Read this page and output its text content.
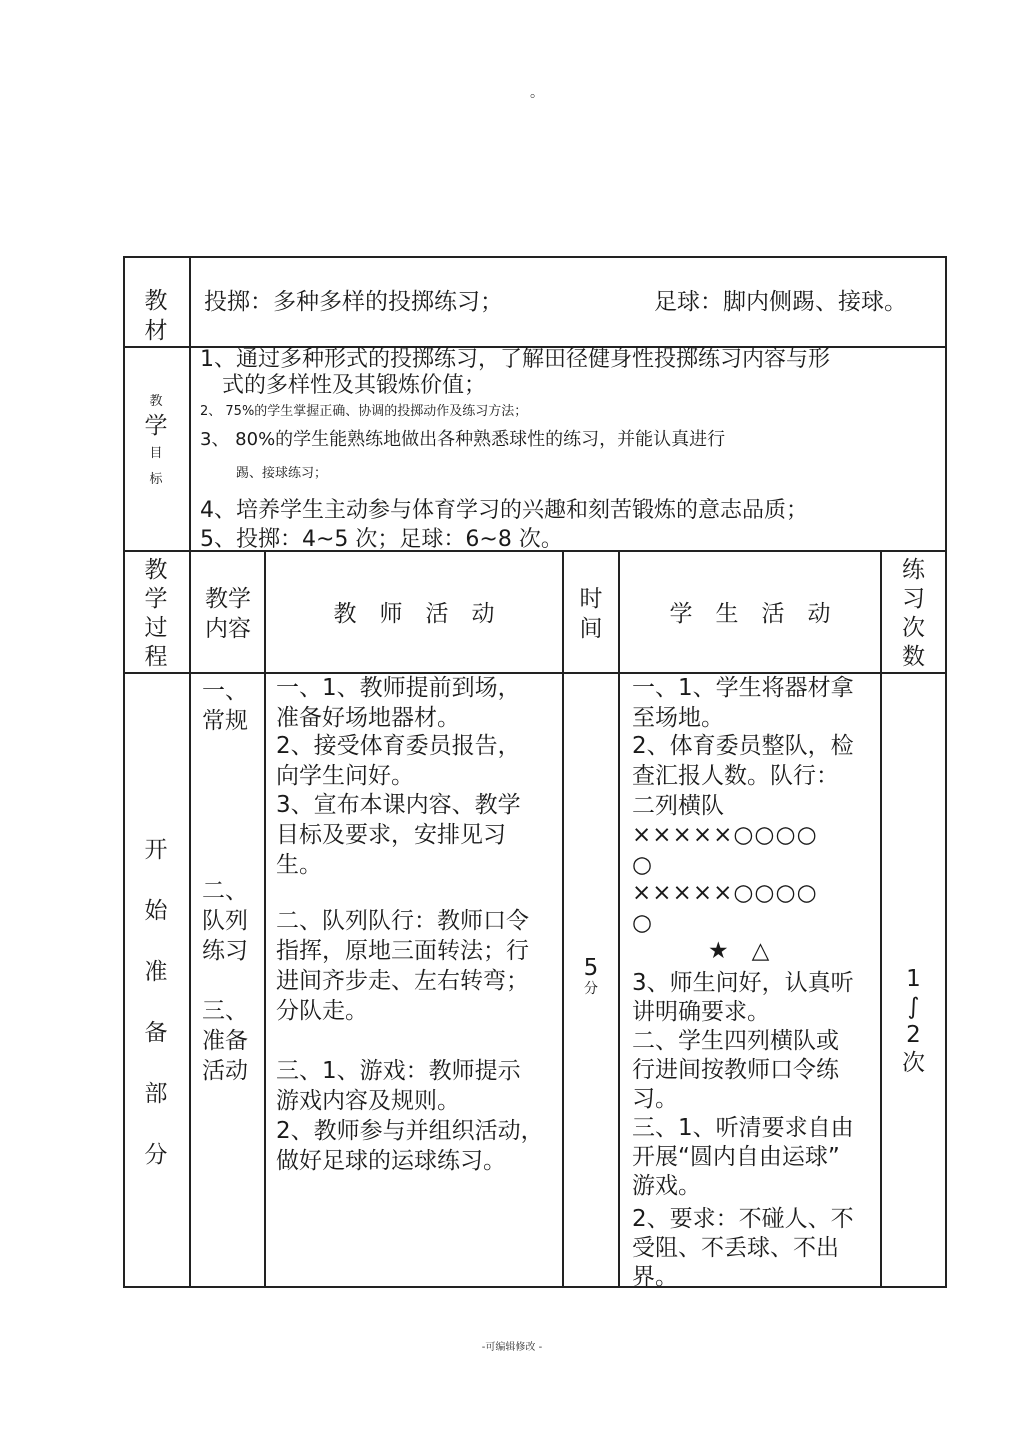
。
教
材
投掷：多种多样的投掷练习；	足球：脚内侧踢、接球。
教
学
目
标
1、通过多种形式的投掷练习，了解田径健身性投掷练习内容与形
式的多样性及其锻炼价值；
2、 75%的学生掌握正确、协调的投掷动作及练习方法；
3、 80%的学生能熟练地做出各种熟悉球性的练习，并能认真进行
踢、接球练习；
4、培养学生主动参与体育学习的兴趣和刻苦锻炼的意志品质；
5、投掷：4~5 次；足球：6~8 次。
教
学
过
程
教学
内容
教　师　活　动
时
间
学　生　活　动
练
习
次
数
开
始
准
备
部
分
一、
常规
二、
队列
练习
三、
准备
活动
一、1、教师提前到场，
准备好场地器材。
2、接受体育委员报告，
向学生问好。
3、宣布本课内容、教学
目标及要求，安排见习
生。
二、队列队行：教师口令
指挥，原地三面转法；行
进间齐步走、左右转弯；
分队走。
三、1、游戏：教师提示
游戏内容及规则。
2、教师参与并组织活动，
做好足球的运球练习。
5
分
一、1、学生将器材拿
至场地。
2、体育委员整队，检
查汇报人数。队行：
二列横队
×××××○○○○
○
×××××○○○○
○
★　△
3、师生问好，认真听
讲明确要求。
二、学生四列横队或
行进间按教师口令练
习。
三、1、听清要求自由
开展“圆内自由运球”
游戏。
2、要求：不碰人、不
受阻、不丢球、不出
界。
1
∫
2
次
-可编辑修改 -
